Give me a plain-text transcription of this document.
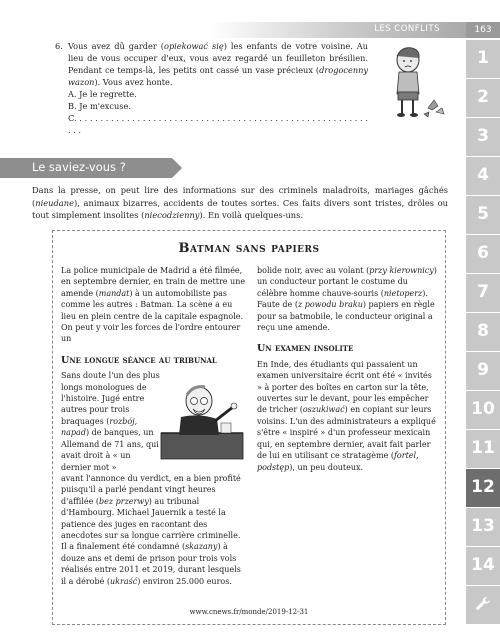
LES CONFLITS	163
1
2
3
4
5
6
7
8
9
10
11
12
13
14
6. Vous avez dû garder (opiekować się) les enfants de votre voisine. Au lieu de vous occuper d'eux, vous avez regardé un feuilleton brésilien. Pendant ce temps-là, les petits ont cassé un vase précieux (drogocenny wazon). Vous avez honte.

A. Je le regrette.

B. Je m'excuse.

C. . . . . . . . . . . . . . . . . . . . . . . . . . . . . . . . . . . . . . . . . . . . . . . . . . . . . . . . . . .

Le saviez-vous ?

Dans la presse, on peut lire des informations sur des criminels maladroits, mariages gâchés (nieudane), animaux bizarres, accidents de toutes sortes. Ces faits divers sont tristes, drôles ou tout simplement insolites (niecodzienny). En voilà quelques-uns.

Batman sans papiers

La police municipale de Madrid a été filmée, en septembre dernier, en train de mettre une amende (mandat) à un automobiliste pas comme les autres : Batman. La scène a eu lieu en plein centre de la capitale espagnole. On peut y voir les forces de l'ordre entourer un

Une longue séance au tribunal

Sans doute l'un des plus longs monologues de l'histoire. Jugé entre autres pour trois braquages (rozbój, napad) de banques, un Allemand de 71 ans, qui avait droit à « un dernier mot »

avant l'annonce du verdict, en a bien profité puisqu'il a parlé pendant vingt heures d'affilée (bez przerwy) au tribunal d'Hambourg. Michael Jauernik a testé la patience des juges en racontant des anecdotes sur sa longue carrière criminelle. Il a finalement été condamné (skazany) à douze ans et demi de prison pour trois vols réalisés entre 2011 et 2019, durant lesquels il a dérobé (ukraść) environ 25.000 euros.

bolide noir, avec au volant (przy kierownicy) un conducteur portant le costume du célèbre homme chauve-souris (nietoperz). Faute de (z powodu braku) papiers en règle pour sa batmobile, le conducteur original a reçu une amende.

Un examen insolite

En Inde, des étudiants qui passaient un examen universitaire écrit ont été « invités » à porter des boîtes en carton sur la tête, ouvertes sur le devant, pour les empêcher de tricher (oszukiwać) en copiant sur leurs voisins. L'un des administrateurs a expliqué s'être « inspiré » d'un professeur mexicain qui, en septembre dernier, avait fait parler de lui en utilisant ce stratagème (fortel, podstęp), un peu douteux.

www.cnews.fr/monde/2019-12-31
